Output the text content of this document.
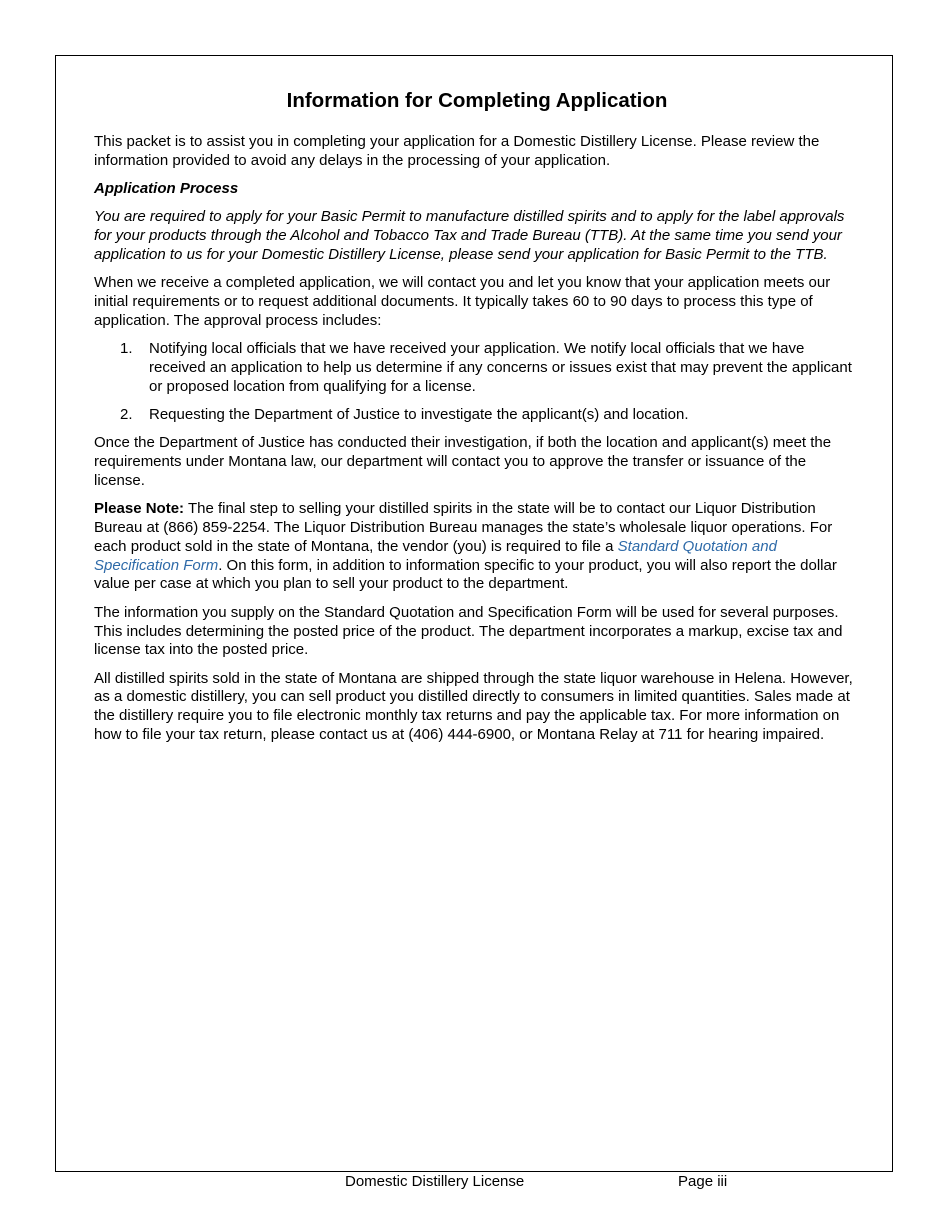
Information for Completing Application

This packet is to assist you in completing your application for a Domestic Distillery License. Please review the information provided to avoid any delays in the processing of your application.

Application Process

You are required to apply for your Basic Permit to manufacture distilled spirits and to apply for the label approvals for your products through the Alcohol and Tobacco Tax and Trade Bureau (TTB). At the same time you send your application to us for your Domestic Distillery License, please send your application for Basic Permit to the TTB.

When we receive a completed application, we will contact you and let you know that your application meets our initial requirements or to request additional documents. It typically takes 60 to 90 days to process this type of application. The approval process includes:

1.	Notifying local officials that we have received your application. We notify local officials that we have received an application to help us determine if any concerns or issues exist that may prevent the applicant or proposed location from qualifying for a license.
2.	Requesting the Department of Justice to investigate the applicant(s) and location.

Once the Department of Justice has conducted their investigation, if both the location and applicant(s) meet the requirements under Montana law, our department will contact you to approve the transfer or issuance of the license.

Please Note: The final step to selling your distilled spirits in the state will be to contact our Liquor Distribution Bureau at (866) 859-2254. The Liquor Distribution Bureau manages the state’s wholesale liquor operations. For each product sold in the state of Montana, the vendor (you) is required to file a Standard Quotation and Specification Form. On this form, in addition to information specific to your product, you will also report the dollar value per case at which you plan to sell your product to the department.

The information you supply on the Standard Quotation and Specification Form will be used for several purposes. This includes determining the posted price of the product. The department incorporates a markup, excise tax and license tax into the posted price.

All distilled spirits sold in the state of Montana are shipped through the state liquor warehouse in Helena. However, as a domestic distillery, you can sell product you distilled directly to consumers in limited quantities. Sales made at the distillery require you to file electronic monthly tax returns and pay the applicable tax. For more information on how to file your tax return, please contact us at (406) 444-6900, or Montana Relay at 711 for hearing impaired.

Domestic Distillery License	Page iii
